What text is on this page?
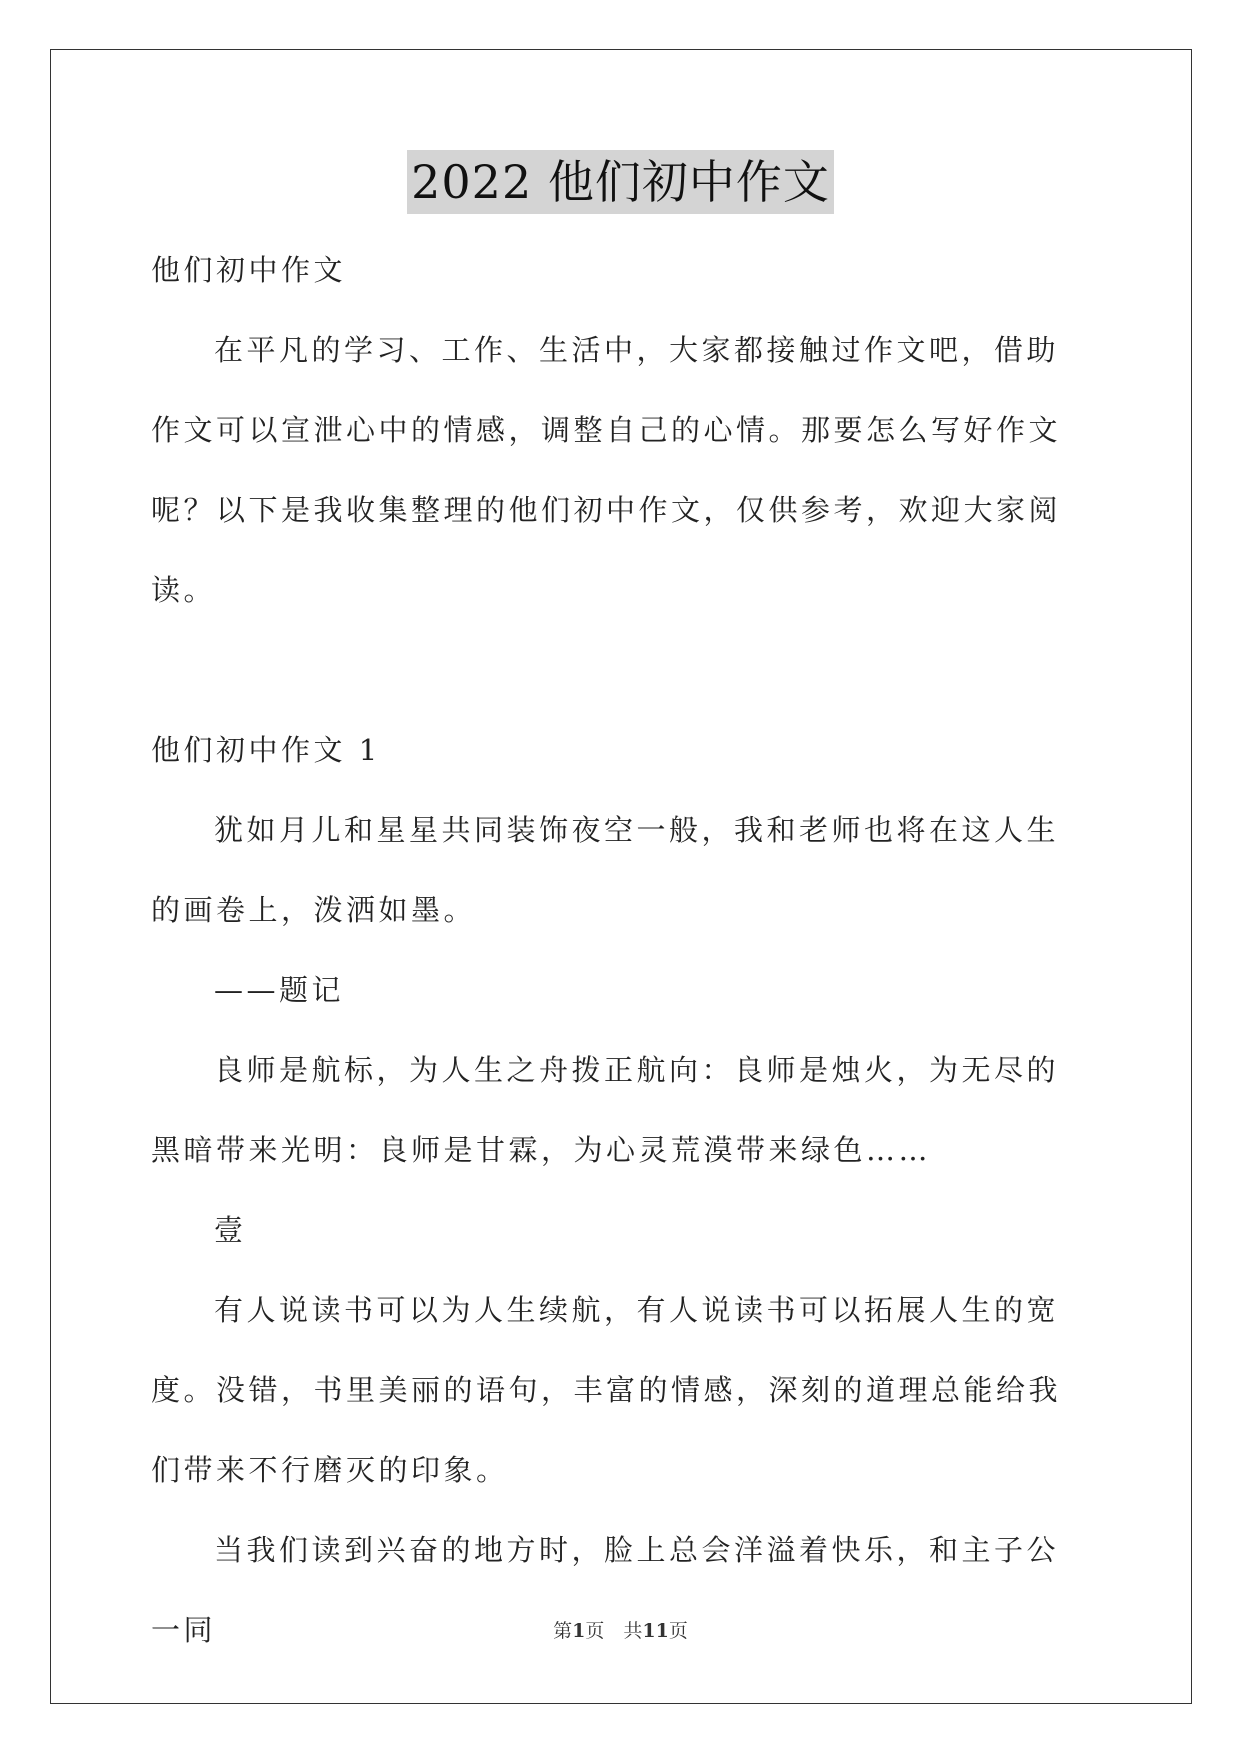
2022 他们初中作文

他们初中作文

在平凡的学习、工作、生活中，大家都接触过作文吧，借助作文可以宣泄心中的情感，调整自己的心情。那要怎么写好作文呢？以下是我收集整理的他们初中作文，仅供参考，欢迎大家阅读。

他们初中作文 1

犹如月儿和星星共同装饰夜空一般，我和老师也将在这人生的画卷上，泼洒如墨。

——题记

良师是航标，为人生之舟拨正航向：良师是烛火，为无尽的黑暗带来光明：良师是甘霖，为心灵荒漠带来绿色……

壹

有人说读书可以为人生续航，有人说读书可以拓展人生的宽度。没错，书里美丽的语句，丰富的情感，深刻的道理总能给我们带来不行磨灭的印象。

当我们读到兴奋的地方时，脸上总会洋溢着快乐，和主子公一同	第1页　共11页
